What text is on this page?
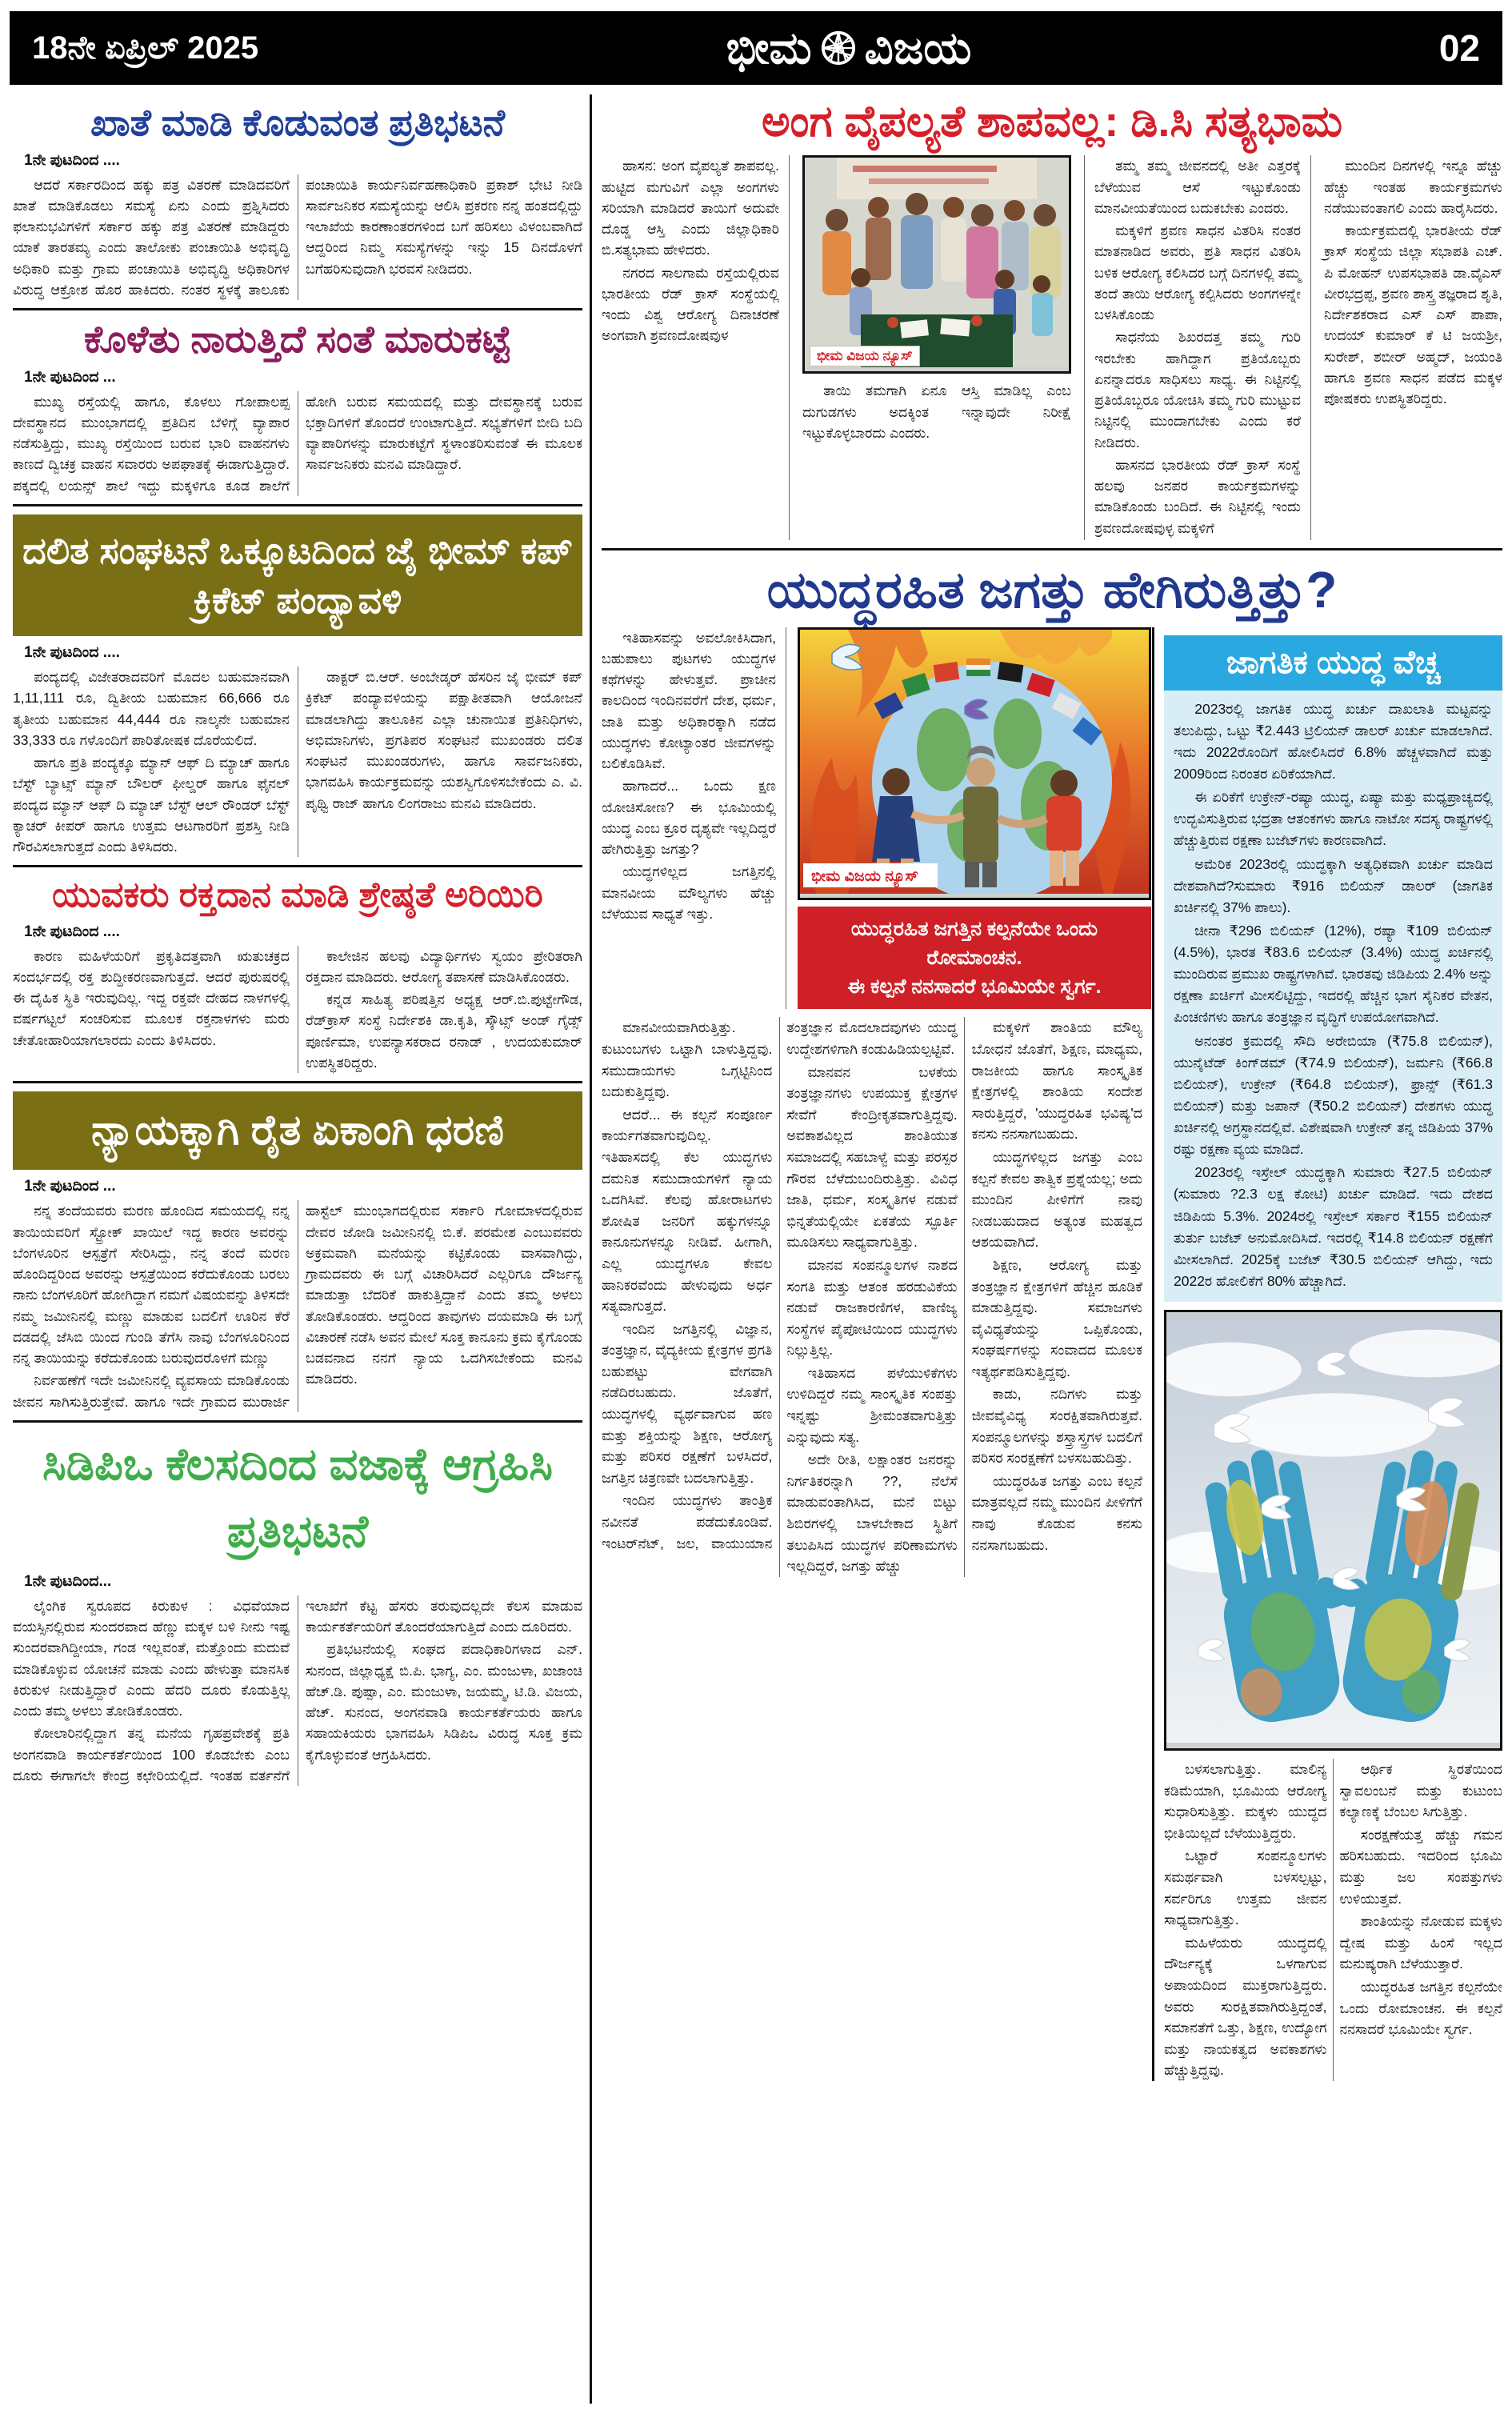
18ನೇ ಏಪ್ರಿಲ್ 2025	ಭೀಮ ವಿಜಯ	02
ಖಾತೆ ಮಾಡಿ ಕೊಡುವಂತ ಪ್ರತಿಭಟನೆ
1ನೇ ಪುಟದಿಂದ ....

ಆದರೆ ಸರ್ಕಾರದಿಂದ ಹಕ್ಕು ಪತ್ರ ವಿತರಣೆ ಮಾಡಿದವರಿಗೆ ಖಾತೆ ಮಾಡಿಕೊಡಲು ಸಮಸ್ಯೆ ಏನು ಎಂದು ಪ್ರಶ್ನಿಸಿದರು ಫಲಾನುಭವಿಗಳಿಗೆ ಸರ್ಕಾರ ಹಕ್ಕು ಪತ್ರ ವಿತರಣೆ ಮಾಡಿದ್ದರು ಯಾಕೆ ತಾರತಮ್ಯ ಎಂದು ತಾಲೋಕು ಪಂಚಾಯಿತಿ ಅಭಿವೃದ್ಧಿ ಅಧಿಕಾರಿ ಮತ್ತು ಗ್ರಾಮ ಪಂಚಾಯಿತಿ ಅಭಿವೃದ್ಧಿ ಅಧಿಕಾರಿಗಳ ವಿರುದ್ಧ ಆಕ್ರೋಶ ಹೊರ ಹಾಕಿದರು. ನಂತರ ಸ್ಥಳಕ್ಕೆ ತಾಲೂಕು ಪಂಚಾಯಿತಿ ಕಾರ್ಯನಿರ್ವಹಣಾಧಿಕಾರಿ ಪ್ರಕಾಶ್ ಭೇಟಿ ನೀಡಿ ಸಾರ್ವಜನಿಕರ ಸಮಸ್ಯೆಯನ್ನು ಆಲಿಸಿ ಪ್ರಕರಣ ನನ್ನ ಹಂತದಲ್ಲಿದ್ದು ಇಲಾಖೆಯ ಕಾರಣಾಂತರಗಳಿಂದ ಬಗೆ ಹರಿಸಲು ವಿಳಂಬವಾಗಿದೆ ಆದ್ದರಿಂದ ನಿಮ್ಮ ಸಮಸ್ಯೆಗಳನ್ನು ಇನ್ನು 15 ದಿನದೊಳಗೆ ಬಗೆಹರಿಸುವುದಾಗಿ ಭರವಸೆ ನೀಡಿದರು.

ಕೊಳೆತು ನಾರುತ್ತಿದೆ ಸಂತೆ ಮಾರುಕಟ್ಟೆ
1ನೇ ಪುಟದಿಂದ ...

ಮುಖ್ಯ ರಸ್ತೆಯಲ್ಲಿ ಹಾಗೂ, ಕೊಳಲು ಗೋಪಾಲಪ್ಪ ದೇವಸ್ಥಾನದ ಮುಂಭಾಗದಲ್ಲಿ ಪ್ರತಿದಿನ ಬೆಳಿಗ್ಗೆ ವ್ಯಾಪಾರ ನಡೆಸುತ್ತಿದ್ದು, ಮುಖ್ಯ ರಸ್ತೆಯಿಂದ ಬರುವ ಭಾರಿ ವಾಹನಗಳು ಕಾಣದೆ ದ್ವಿಚಕ್ರ ವಾಹನ ಸವಾರರು ಅಪಘಾತಕ್ಕೆ ಈಡಾಗುತ್ತಿದ್ದಾರೆ. ಪಕ್ಕದಲ್ಲಿ ಲಯನ್ಸ್ ಶಾಲೆ ಇದ್ದು ಮಕ್ಕಳಿಗೂ ಕೂಡ ಶಾಲೆಗೆ ಹೋಗಿ ಬರುವ ಸಮಯದಲ್ಲಿ ಮತ್ತು ದೇವಸ್ಥಾನಕ್ಕೆ ಬರುವ ಭಕ್ತಾದಿಗಳಿಗೆ ತೊಂದರೆ ಉಂಟಾಗುತ್ತಿದೆ. ಸಭ್ಯತೆಗಳಿಗೆ ಬೀದಿ ಬದಿ ವ್ಯಾಪಾರಿಗಳನ್ನು ಮಾರುಕಟ್ಟೆಗೆ ಸ್ಥಳಾಂತರಿಸುವಂತೆ ಈ ಮೂಲಕ ಸಾರ್ವಜನಿಕರು ಮನವಿ ಮಾಡಿದ್ದಾರೆ.

ದಲಿತ ಸಂಘಟನೆ ಒಕ್ಕೂಟದಿಂದ ಜೈ ಭೀಮ್ ಕಪ್ ಕ್ರಿಕೆಟ್ ಪಂದ್ಯಾವಳಿ
1ನೇ ಪುಟದಿಂದ ....

ಪಂದ್ಯದಲ್ಲಿ ವಿಜೇತರಾದವರಿಗೆ ಮೊದಲ ಬಹುಮಾನವಾಗಿ 1,11,111 ರೂ, ದ್ವಿತೀಯ ಬಹುಮಾನ 66,666 ರೂ ತೃತೀಯ ಬಹುಮಾನ 44,444 ರೂ ನಾಲ್ಕನೇ ಬಹುಮಾನ 33,333 ರೂ ಗಳೊಂದಿಗೆ ಪಾರಿತೋಷಕ ದೊರೆಯಲಿದೆ.

ಹಾಗೂ ಪ್ರತಿ ಪಂದ್ಯಕ್ಕೂ ಮ್ಯಾನ್ ಆಫ್ ದಿ ಮ್ಯಾಚ್ ಹಾಗೂ ಬೆಸ್ಟ್ ಬ್ಯಾಟ್ಸ್ ಮ್ಯಾನ್ ಬೌಲರ್ ಫೀಲ್ಡರ್ ಹಾಗೂ ಫೈನಲ್ ಪಂದ್ಯದ ಮ್ಯಾನ್ ಆಫ್ ದಿ ಮ್ಯಾಚ್ ಬೆಸ್ಟ್ ಆಲ್ ರೌಂಡರ್ ಬೆಸ್ಟ್ ಕ್ಯಾಚರ್ ಕೀಪರ್ ಹಾಗೂ ಉತ್ತಮ ಆಟಗಾರರಿಗೆ ಪ್ರಶಸ್ತಿ ನೀಡಿ ಗೌರವಿಸಲಾಗುತ್ತದೆ ಎಂದು ತಿಳಿಸಿದರು.

ಡಾಕ್ಟರ್ ಬಿ.ಆರ್. ಅಂಬೇಡ್ಕರ್ ಹೆಸರಿನ ಜೈ ಭೀಮ್ ಕಪ್ ಕ್ರಿಕೆಟ್ ಪಂದ್ಯಾವಳಿಯನ್ನು ಪಕ್ಷಾತೀತವಾಗಿ ಆಯೋಜನೆ ಮಾಡಲಾಗಿದ್ದು ತಾಲೂಕಿನ ಎಲ್ಲಾ ಚುನಾಯಿತ ಪ್ರತಿನಿಧಿಗಳು, ಅಭಿಮಾನಿಗಳು, ಪ್ರಗತಿಪರ ಸಂಘಟನೆ ಮುಖಂಡರು ದಲಿತ ಸಂಘಟನೆ ಮುಖಂಡರುಗಳು, ಹಾಗೂ ಸಾರ್ವಜನಿಕರು, ಭಾಗವಹಿಸಿ ಕಾರ್ಯಕ್ರಮವನ್ನು ಯಶಸ್ವಿಗೊಳಿಸಬೇಕೆಂದು ಎ. ವಿ. ಪೃಥ್ವಿ ರಾಜ್ ಹಾಗೂ ಲಿಂಗರಾಜು ಮನವಿ ಮಾಡಿದರು.

ಯುವಕರು ರಕ್ತದಾನ ಮಾಡಿ ಶ್ರೇಷ್ಠತೆ ಅರಿಯಿರಿ
1ನೇ ಪುಟದಿಂದ ....

ಕಾರಣ ಮಹಿಳೆಯರಿಗೆ ಪ್ರಕೃತಿದತ್ತವಾಗಿ ಋತುಚಕ್ರದ ಸಂದರ್ಭದಲ್ಲಿ ರಕ್ತ ಶುದ್ದೀಕರಣವಾಗುತ್ತದೆ. ಆದರೆ ಪುರುಷರಲ್ಲಿ ಈ ದೈಹಿಕ ಸ್ಥಿತಿ ಇರುವುದಿಲ್ಲ. ಇದ್ದ ರಕ್ತವೇ ದೇಹದ ನಾಳಗಳಲ್ಲಿ ವರ್ಷಗಟ್ಟಲೆ ಸಂಚರಿಸುವ ಮೂಲಕ ರಕ್ತನಾಳಗಳು ಮರು ಚೇತೋಹಾರಿಯಾಗಲಾರದು ಎಂದು ತಿಳಿಸಿದರು.

ಕಾಲೇಜಿನ ಹಲವು ವಿದ್ಯಾರ್ಥಿಗಳು ಸ್ವಯಂ ಪ್ರೇರಿತರಾಗಿ ರಕ್ತದಾನ ಮಾಡಿದರು. ಆರೋಗ್ಯ ತಪಾಸಣೆ ಮಾಡಿಸಿಕೊಂಡರು.

ಕನ್ನಡ ಸಾಹಿತ್ಯ ಪರಿಷತ್ತಿನ ಅಧ್ಯಕ್ಷ ಆರ್.ಬಿ.ಪುಟ್ಟೇಗೌಡ, ರೆಡ್‌ಕ್ರಾಸ್ ಸಂಸ್ಥೆ ನಿರ್ದೇಶಕಿ ಡಾ.ಕೃತಿ, ಸ್ಕೌಟ್ಸ್ ಅಂಡ್ ಗೈಡ್ಸ್ ಪೂರ್ಣಿಮಾ, ಉಪನ್ಯಾಸಕರಾದ ರನಾಡ್ , ಉದಯಕುಮಾರ್ ಉಪಸ್ಥಿತರಿದ್ದರು.

ನ್ಯಾಯಕ್ಕಾಗಿ ರೈತ ಏಕಾಂಗಿ ಧರಣಿ
1ನೇ ಪುಟದಿಂದ ...

ನನ್ನ ತಂದೆಯವರು ಮರಣ ಹೊಂದಿದ ಸಮಯದಲ್ಲಿ ನನ್ನ ತಾಯಿಯವರಿಗೆ ಸ್ಟ್ರೋಕ್ ಖಾಯಿಲೆ ಇದ್ದ ಕಾರಣ ಅವರನ್ನು ಬೆಂಗಳೂರಿನ ಆಸ್ಪತ್ರೆಗೆ ಸೇರಿಸಿದ್ದು, ನನ್ನ ತಂದೆ ಮರಣ ಹೊಂದಿದ್ದರಿಂದ ಅವರನ್ನು ಆಸ್ಪತ್ರೆಯಿಂದ ಕರೆದುಕೊಂಡು ಬರಲು ನಾನು ಬೆಂಗಳೂರಿಗೆ ಹೋಗಿದ್ದಾಗ ನಮಗೆ ವಿಷಯವನ್ನು ತಿಳಿಸದೇ ನಮ್ಮ ಜಮೀನಿನಲ್ಲಿ ಮಣ್ಣು ಮಾಡುವ ಬದಲಿಗೆ ಊರಿನ ಕೆರೆ ದಡದಲ್ಲಿ ಜೆಸಿಬಿ ಯಿಂದ ಗುಂಡಿ ತೆಗೆಸಿ ನಾವು ಬೆಂಗಳೂರಿನಿಂದ ನನ್ನ ತಾಯಿಯನ್ನು ಕರೆದುಕೊಂಡು ಬರುವುದರೊಳಗೆ ಮಣ್ಣು

ನಿರ್ವಹಣೆಗೆ ಇದೇ ಜಮೀನಿನಲ್ಲಿ ವ್ಯವಸಾಯ ಮಾಡಿಕೊಂಡು ಜೀವನ ಸಾಗಿಸುತ್ತಿರುತ್ತೇವೆ. ಹಾಗೂ ಇದೇ ಗ್ರಾಮದ ಮುರಾರ್ಜಿ ಹಾಸ್ಟೆಲ್ ಮುಂಭಾಗದಲ್ಲಿರುವ ಸರ್ಕಾರಿ ಗೋಮಾಳದಲ್ಲಿರುವ ದೇವರ ಜೋಡಿ ಜಮೀನಿನಲ್ಲಿ ಬಿ.ಕೆ. ಪರಮೇಶ ಎಂಬುವವರು ಅಕ್ರಮವಾಗಿ ಮನೆಯನ್ನು ಕಟ್ಟಿಕೊಂಡು ವಾಸವಾಗಿದ್ದು, ಗ್ರಾಮದವರು ಈ ಬಗ್ಗೆ ವಿಚಾರಿಸಿದರೆ ಎಲ್ಲರಿಗೂ ದೌರ್ಜನ್ಯ ಮಾಡುತ್ತಾ ಬೆದರಿಕೆ ಹಾಕುತ್ತಿದ್ದಾನೆ ಎಂದು ತಮ್ಮ ಅಳಲು ತೋಡಿಕೊಂಡರು. ಆದ್ದರಿಂದ ತಾವುಗಳು ದಯಮಾಡಿ ಈ ಬಗ್ಗೆ ವಿಚಾರಣೆ ನಡೆಸಿ ಅವನ ಮೇಲೆ ಸೂಕ್ತ ಕಾನೂನು ಕ್ರಮ ಕೈಗೊಂಡು ಬಡವನಾದ ನನಗೆ ನ್ಯಾಯ ಒದಗಿಸಬೇಕೆಂದು ಮನವಿ ಮಾಡಿದರು.

ಸಿಡಿಪಿಒ ಕೆಲಸದಿಂದ ವಜಾಕ್ಕೆ ಆಗ್ರಹಿಸಿ ಪ್ರತಿಭಟನೆ
1ನೇ ಪುಟದಿಂದ...

ಲೈಂಗಿಕ ಸ್ವರೂಪದ ಕಿರುಕುಳ : ವಿಧವೆಯಾದ ವಯಸ್ಸಿನಲ್ಲಿರುವ ಸುಂದರವಾದ ಹೆಣ್ಣು ಮಕ್ಕಳ ಬಳಿ ನೀನು ಇಷ್ಟ ಸುಂದರವಾಗಿದ್ದೀಯಾ, ಗಂಡ ಇಲ್ಲವಂತೆ, ಮತ್ತೊಂದು ಮದುವೆ ಮಾಡಿಕೊಳ್ಳುವ ಯೋಚನೆ ಮಾಡು ಎಂದು ಹೇಳುತ್ತಾ ಮಾನಸಿಕ ಕಿರುಕುಳ ನೀಡುತ್ತಿದ್ದಾರೆ ಎಂದು ಹೆದರಿ ದೂರು ಕೊಡುತ್ತಿಲ್ಲ ಎಂದು ತಮ್ಮ ಅಳಲು ತೋಡಿಕೊಂಡರು.

ಕೋಲಾರಿನಲ್ಲಿದ್ದಾಗ ತನ್ನ ಮನೆಯ ಗೃಹಪ್ರವೇಶಕ್ಕೆ ಪ್ರತಿ ಅಂಗನವಾಡಿ ಕಾರ್ಯಕರ್ತೆಯಿಂದ 100 ಕೊಡಬೇಕು ಎಂಬ ದೂರು ಈಗಾಗಲೇ ಕೇಂದ್ರ ಕಛೇರಿಯಲ್ಲಿದೆ. ಇಂತಹ ವರ್ತನೆಗೆ ಇಲಾಖೆಗೆ ಕೆಟ್ಟ ಹೆಸರು ತರುವುದಲ್ಲದೇ ಕೆಲಸ ಮಾಡುವ ಕಾರ್ಯಕರ್ತೆಯರಿಗೆ ತೊಂದರೆಯಾಗುತ್ತಿದೆ ಎಂದು ದೂರಿದರು.

ಪ್ರತಿಭಟನೆಯಲ್ಲಿ ಸಂಘದ ಪದಾಧಿಕಾರಿಗಳಾದ ಎನ್. ಸುನಂದ, ಜಿಲ್ಲಾಧ್ಯಕ್ಷೆ ಬಿ.ಪಿ. ಭಾಗ್ಯ, ಎಂ. ಮಂಜುಳಾ, ಖಜಾಂಚಿ ಹೆಚ್.ಡಿ. ಪುಷ್ಪಾ, ಎಂ. ಮಂಜುಳಾ, ಜಯಮ್ಮ, ಟಿ.ಡಿ. ವಿಜಯ, ಹೆಚ್. ಸುನಂದ, ಅಂಗನವಾಡಿ ಕಾರ್ಯಕರ್ತೆಯರು ಹಾಗೂ ಸಹಾಯಕಿಯರು ಭಾಗವಹಿಸಿ ಸಿಡಿಪಿಒ ವಿರುದ್ಧ ಸೂಕ್ತ ಕ್ರಮ ಕೈಗೊಳ್ಳುವಂತೆ ಆಗ್ರಹಿಸಿದರು.

ಅಂಗ ವೈಪಲ್ಯತೆ ಶಾಪವಲ್ಲ: ಡಿ.ಸಿ ಸತ್ಯಭಾಮ

ಹಾಸನ: ಅಂಗ ವೈಪಲ್ಯತೆ ಶಾಪವಲ್ಲ. ಹುಟ್ಟಿದ ಮಗುವಿಗೆ ಎಲ್ಲಾ ಅಂಗಗಳು ಸರಿಯಾಗಿ ಮಾಡಿದರೆ ತಾಯಿಗೆ ಅದುವೇ ದೊಡ್ಡ ಆಸ್ತಿ ಎಂದು ಜಿಲ್ಲಾಧಿಕಾರಿ ಬಿ.ಸತ್ಯಭಾಮ ಹೇಳಿದರು.

ನಗರದ ಸಾಲಗಾಮೆ ರಸ್ತೆಯಲ್ಲಿರುವ ಭಾರತೀಯ ರೆಡ್ ಕ್ರಾಸ್ ಸಂಸ್ಥೆಯಲ್ಲಿ ಇಂದು ವಿಶ್ವ ಆರೋಗ್ಯ ದಿನಾಚರಣೆ ಅಂಗವಾಗಿ ಶ್ರವಣದೋಷವುಳ

ಭೀಮ ವಿಜಯ ನ್ಯೂಸ್

ತಾಯಿ ತಮಗಾಗಿ ಏನೂ ಆಸ್ತಿ ಮಾಡಿಲ್ಲ ಎಂಬ ದುಗುಡಗಳು ಅದಕ್ಕಿಂತ ಇನ್ನಾವುದೇ ನಿರೀಕ್ಷೆ ಇಟ್ಟುಕೊಳ್ಳಬಾರದು ಎಂದರು.

ತಮ್ಮ ತಮ್ಮ ಜೀವನದಲ್ಲಿ ಅತೀ ಎತ್ತರಕ್ಕೆ ಬೆಳೆಯುವ ಆಸೆ ಇಟ್ಟುಕೊಂಡು ಮಾನವೀಯತೆಯಿಂದ ಬದುಕಬೇಕು ಎಂದರು.

ಮಕ್ಕಳಿಗೆ ಶ್ರವಣ ಸಾಧನ ವಿತರಿಸಿ ನಂತರ ಮಾತನಾಡಿದ ಅವರು, ಪ್ರತಿ ಸಾಧನ ವಿತರಿಸಿ ಬಳಿಕ ಆರೋಗ್ಯ ಕಲಿಸಿದರ ಬಗ್ಗೆ ದಿನಗಳಲ್ಲಿ ತಮ್ಮ ತಂದೆ ತಾಯಿ ಆರೋಗ್ಯ ಕಲ್ಪಿಸಿದರು ಅಂಗಗಳನ್ನೇ ಬಳಸಿಕೊಂಡು

ಸಾಧನೆಯ ಶಿಖರದತ್ತ ತಮ್ಮ ಗುರಿ ಇರಬೇಕು ಹಾಗಿದ್ದಾಗ ಪ್ರತಿಯೊಬ್ಬರು ಏನನ್ನಾದರೂ ಸಾಧಿಸಲು ಸಾಧ್ಯ. ಈ ನಿಟ್ಟಿನಲ್ಲಿ ಪ್ರತಿಯೊಬ್ಬರೂ ಯೋಚಿಸಿ ತಮ್ಮ ಗುರಿ ಮುಟ್ಟುವ ನಿಟ್ಟಿನಲ್ಲಿ ಮುಂದಾಗಬೇಕು ಎಂದು ಕರೆ ನೀಡಿದರು.

ಹಾಸನದ ಭಾರತೀಯ ರೆಡ್ ಕ್ರಾಸ್ ಸಂಸ್ಥೆ ಹಲವು ಜನಪರ ಕಾರ್ಯಕ್ರಮಗಳನ್ನು ಮಾಡಿಕೊಂಡು ಬಂದಿದೆ. ಈ ನಿಟ್ಟಿನಲ್ಲಿ ಇಂದು ಶ್ರವಣದೋಷವುಳ್ಳ ಮಕ್ಕಳಿಗೆ

ಮುಂದಿನ ದಿನಗಳಲ್ಲಿ ಇನ್ನೂ ಹೆಚ್ಚು ಹೆಚ್ಚು ಇಂತಹ ಕಾರ್ಯಕ್ರಮಗಳು ನಡೆಯುವಂತಾಗಲಿ ಎಂದು ಹಾರೈಸಿದರು.

ಕಾರ್ಯಕ್ರಮದಲ್ಲಿ ಭಾರತೀಯ ರೆಡ್ ಕ್ರಾಸ್ ಸಂಸ್ಥೆಯ ಜಿಲ್ಲಾ ಸಭಾಪತಿ ಎಚ್. ಪಿ ಮೋಹನ್ ಉಪಸಭಾಪತಿ ಡಾ.ವೈಎಸ್ ವೀರಭದ್ರಪ್ಪ, ಶ್ರವಣ ಶಾಸ್ತ್ರ ತಜ್ಞರಾದ ಶೃತಿ, ನಿರ್ದೇಶಕರಾದ ಎಸ್ ಎಸ್ ಪಾಪಾ, ಉದಯ್ ಕುಮಾರ್ ಕೆ ಟಿ ಜಯಶ್ರೀ, ಸುರೇಶ್, ಶಬೀರ್ ಅಹ್ಮದ್, ಜಯಂತಿ ಹಾಗೂ ಶ್ರವಣ ಸಾಧನ ಪಡೆದ ಮಕ್ಕಳ ಪೋಷಕರು ಉಪಸ್ಥಿತರಿದ್ದರು.

ಯುದ್ಧರಹಿತ ಜಗತ್ತು ಹೇಗಿರುತ್ತಿತ್ತು?

ಇತಿಹಾಸವನ್ನು ಅವಲೋಕಿಸಿದಾಗ, ಬಹುಪಾಲು ಪುಟಗಳು ಯುದ್ಧಗಳ ಕಥೆಗಳನ್ನು ಹೇಳುತ್ತವೆ. ಪ್ರಾಚೀನ ಕಾಲದಿಂದ ಇಂದಿನವರೆಗೆ ದೇಶ, ಧರ್ಮ, ಜಾತಿ ಮತ್ತು ಅಧಿಕಾರಕ್ಕಾಗಿ ನಡೆದ ಯುದ್ಧಗಳು ಕೋಟ್ಯಾಂತರ ಜೀವಗಳನ್ನು ಬಲಿಕೊಡಿಸಿವೆ.

ಹಾಗಾದರೆ... ಒಂದು ಕ್ಷಣ ಯೋಚಿಸೋಣ? ಈ ಭೂಮಿಯಲ್ಲಿ ಯುದ್ಧ ಎಂಬ ಕ್ರೂರ ದೃಶ್ಯವೇ ಇಲ್ಲದಿದ್ದರೆ ಹೇಗಿರುತ್ತಿತ್ತು ಜಗತ್ತು?

ಯುದ್ಧಗಳಿಲ್ಲದ ಜಗತ್ತಿನಲ್ಲಿ ಮಾನವೀಯ ಮೌಲ್ಯಗಳು ಹೆಚ್ಚು ಬೆಳೆಯುವ ಸಾಧ್ಯತೆ ಇತ್ತು.

ಭೀಮ ವಿಜಯ ನ್ಯೂಸ್
ಯುದ್ಧರಹಿತ ಜಗತ್ತಿನ ಕಲ್ಪನೆಯೇ ಒಂದು ರೋಮಾಂಚನ.
ಈ ಕಲ್ಪನೆ ನನಸಾದರೆ ಭೂಮಿಯೇ ಸ್ವರ್ಗ.

ಮಾನವೀಯವಾಗಿರುತ್ತಿತ್ತು. ಕುಟುಂಬಗಳು ಒಟ್ಟಾಗಿ ಬಾಳುತ್ತಿದ್ದವು. ಸಮುದಾಯಗಳು ಒಗ್ಗಟ್ಟಿನಿಂದ ಬದುಕುತ್ತಿದ್ದವು.

ಆದರೆ... ಈ ಕಲ್ಪನೆ ಸಂಪೂರ್ಣ ಕಾರ್ಯಗತವಾಗುವುದಿಲ್ಲ. ಇತಿಹಾಸದಲ್ಲಿ ಕೆಲ ಯುದ್ಧಗಳು ದಮನಿತ ಸಮುದಾಯಗಳಿಗೆ ನ್ಯಾಯ ಒದಗಿಸಿವೆ. ಕೆಲವು ಹೋರಾಟಗಳು ಶೋಷಿತ ಜನರಿಗೆ ಹಕ್ಕುಗಳನ್ನೂ ಕಾನೂನುಗಳನ್ನೂ ನೀಡಿವೆ. ಹೀಗಾಗಿ, ಎಲ್ಲ ಯುದ್ಧಗಳೂ ಕೇವಲ ಹಾನಿಕರವೆಂದು ಹೇಳುವುದು ಅರ್ಧ ಸತ್ಯವಾಗುತ್ತದೆ.

ಇಂದಿನ ಜಗತ್ತಿನಲ್ಲಿ ವಿಜ್ಞಾನ, ತಂತ್ರಜ್ಞಾನ, ವೈದ್ಯಕೀಯ ಕ್ಷೇತ್ರಗಳ ಪ್ರಗತಿ ಬಹುಪಟ್ಟು ವೇಗವಾಗಿ ನಡೆದಿರಬಹುದು. ಜೊತೆಗೆ, ಯುದ್ಧಗಳಲ್ಲಿ ವ್ಯರ್ಥವಾಗುವ ಹಣ ಮತ್ತು ಶಕ್ತಿಯನ್ನು ಶಿಕ್ಷಣ, ಆರೋಗ್ಯ ಮತ್ತು ಪರಿಸರ ರಕ್ಷಣೆಗೆ ಬಳಸಿದರೆ, ಜಗತ್ತಿನ ಚಿತ್ರಣವೇ ಬದಲಾಗುತ್ತಿತ್ತು.

ಇಂದಿನ ಯುದ್ಧಗಳು ತಾಂತ್ರಿಕ ನವೀನತೆ ಪಡೆದುಕೊಂಡಿವೆ. ಇಂಟರ್‌ನೆಟ್, ಜಲ, ವಾಯುಯಾನ ತಂತ್ರಜ್ಞಾನ ಮೊದಲಾದವುಗಳು ಯುದ್ಧ ಉದ್ದೇಶಗಳಿಗಾಗಿ ಕಂಡುಹಿಡಿಯಲ್ಪಟ್ಟಿವೆ.

ಮಾನವನ ಬಳಕೆಯ ತಂತ್ರಜ್ಞಾನಗಳು ಉಪಯುಕ್ತ ಕ್ಷೇತ್ರಗಳ ಸೇವೆಗೆ ಕೇಂದ್ರೀಕೃತವಾಗುತ್ತಿದ್ದವು. ಅವಕಾಶವಿಲ್ಲದ ಶಾಂತಿಯುತ ಸಮಾಜದಲ್ಲಿ ಸಹಬಾಳ್ವೆ ಮತ್ತು ಪರಸ್ಪರ ಗೌರವ ಬೆಳೆದುಬಂದಿರುತ್ತಿತ್ತು. ವಿವಿಧ ಜಾತಿ, ಧರ್ಮ, ಸಂಸ್ಕೃತಿಗಳ ನಡುವೆ ಭಿನ್ನತೆಯಲ್ಲಿಯೇ ಏಕತೆಯ ಸ್ಫೂರ್ತಿ ಮೂಡಿಸಲು ಸಾಧ್ಯವಾಗುತ್ತಿತ್ತು.

ಮಾನವ ಸಂಪನ್ಮೂಲಗಳ ನಾಶದ ಸಂಗತಿ ಮತ್ತು ಆತಂಕ ಹರಡುವಿಕೆಯ ನಡುವೆ ರಾಜಕಾರಣಿಗಳ, ವಾಣಿಜ್ಯ ಸಂಸ್ಥೆಗಳ ಪೈಪೋಟಿಯಿಂದ ಯುದ್ಧಗಳು ನಿಲ್ಲುತ್ತಿಲ್ಲ.

ಇತಿಹಾಸದ ಪಳೆಯುಳಿಕೆಗಳು ಉಳಿದಿದ್ದರೆ ನಮ್ಮ ಸಾಂಸ್ಕೃತಿಕ ಸಂಪತ್ತು ಇನ್ನಷ್ಟು ಶ್ರೀಮಂತವಾಗುತ್ತಿತ್ತು ಎನ್ನುವುದು ಸತ್ಯ.

ಅದೇ ರೀತಿ, ಲಕ್ಷಾಂತರ ಜನರನ್ನು ನಿರ್ಗತಿಕರನ್ನಾಗಿ ??, ನೆಲೆಸೆ ಮಾಡುವಂತಾಗಿಸಿದ, ಮನೆ ಬಿಟ್ಟು ಶಿಬಿರಗಳಲ್ಲಿ ಬಾಳಬೇಕಾದ ಸ್ಥಿತಿಗೆ ತಲುಪಿಸಿದ ಯುದ್ಧಗಳ ಪರಿಣಾಮಗಳು ಇಲ್ಲದಿದ್ದರೆ, ಜಗತ್ತು ಹೆಚ್ಚು

ಮಕ್ಕಳಿಗೆ ಶಾಂತಿಯ ಮೌಲ್ಯ ಬೋಧನೆ ಜೊತೆಗೆ, ಶಿಕ್ಷಣ, ಮಾಧ್ಯಮ, ರಾಜಕೀಯ ಹಾಗೂ ಸಾಂಸ್ಕೃತಿಕ ಕ್ಷೇತ್ರಗಳಲ್ಲಿ ಶಾಂತಿಯ ಸಂದೇಶ ಸಾರುತ್ತಿದ್ದರೆ, 'ಯುದ್ಧರಹಿತ ಭವಿಷ್ಯ'ದ ಕನಸು ನನಸಾಗಬಹುದು.

ಯುದ್ಧಗಳಿಲ್ಲದ ಜಗತ್ತು ಎಂಬ ಕಲ್ಪನೆ ಕೇವಲ ತಾತ್ವಿಕ ಪ್ರಶ್ನೆಯಲ್ಲ; ಅದು ಮುಂದಿನ ಪೀಳಿಗೆಗೆ ನಾವು ನೀಡಬಹುದಾದ ಅತ್ಯಂತ ಮಹತ್ವದ ಆಶಯವಾಗಿದೆ.

ಶಿಕ್ಷಣ, ಆರೋಗ್ಯ ಮತ್ತು ತಂತ್ರಜ್ಞಾನ ಕ್ಷೇತ್ರಗಳಿಗೆ ಹೆಚ್ಚಿನ ಹೂಡಿಕೆ ಮಾಡುತ್ತಿದ್ದವು. ಸಮಾಜಗಳು ವೈವಿಧ್ಯತೆಯನ್ನು ಒಪ್ಪಿಕೊಂಡು, ಸಂಘರ್ಷಗಳನ್ನು ಸಂವಾದದ ಮೂಲಕ ಇತ್ಯರ್ಥಪಡಿಸುತ್ತಿದ್ದವು.

ಕಾಡು, ನದಿಗಳು ಮತ್ತು ಜೀವವೈವಿಧ್ಯ ಸಂರಕ್ಷಿತವಾಗಿರುತ್ತವೆ. ಸಂಪನ್ಮೂಲಗಳನ್ನು ಶಸ್ತ್ರಾಸ್ತ್ರಗಳ ಬದಲಿಗೆ ಪರಿಸರ ಸಂರಕ್ಷಣೆಗೆ ಬಳಸಬಹುದಿತ್ತು.

ಯುದ್ಧರಹಿತ ಜಗತ್ತು ಎಂಬ ಕಲ್ಪನೆ ಮಾತ್ರವಲ್ಲದೆ ನಮ್ಮ ಮುಂದಿನ ಪೀಳಿಗೆಗೆ ನಾವು ಕೊಡುವ ಕನಸು ನನಸಾಗಬಹುದು.

ಜಾಗತಿಕ ಯುದ್ಧ ವೆಚ್ಚ

2023ರಲ್ಲಿ ಜಾಗತಿಕ ಯುದ್ಧ ಖರ್ಚು ದಾಖಲಾತಿ ಮಟ್ಟವನ್ನು ತಲುಪಿದ್ದು, ಒಟ್ಟು ₹2.443 ಟ್ರಿಲಿಯನ್ ಡಾಲರ್ ಖರ್ಚು ಮಾಡಲಾಗಿದೆ. ಇದು 2022ರೊಂದಿಗೆ ಹೋಲಿಸಿದರೆ 6.8% ಹೆಚ್ಚಳವಾಗಿದೆ ಮತ್ತು 2009ರಿಂದ ನಿರಂತರ ಏರಿಕೆಯಾಗಿದೆ.

ಈ ಏರಿಕೆಗೆ ಉಕ್ರೇನ್-ರಷ್ಯಾ ಯುದ್ಧ, ಏಷ್ಯಾ ಮತ್ತು ಮಧ್ಯಪ್ರಾಚ್ಯದಲ್ಲಿ ಉದ್ಭವಿಸುತ್ತಿರುವ ಭದ್ರತಾ ಆತಂಕಗಳು ಹಾಗೂ ನಾಟೋ ಸದಸ್ಯ ರಾಷ್ಟ್ರಗಳಲ್ಲಿ ಹೆಚ್ಚುತ್ತಿರುವ ರಕ್ಷಣಾ ಬಜೆಟ್‌ಗಳು ಕಾರಣವಾಗಿದೆ.

ಅಮೆರಿಕ 2023ರಲ್ಲಿ ಯುದ್ಧಕ್ಕಾಗಿ ಅತ್ಯಧಿಕವಾಗಿ ಖರ್ಚು ಮಾಡಿದ ದೇಶವಾಗಿದೆ?ಸುಮಾರು ₹916 ಬಿಲಿಯನ್ ಡಾಲರ್ (ಜಾಗತಿಕ ಖರ್ಚಿನಲ್ಲಿ 37% ಪಾಲು).

ಚೀನಾ ₹296 ಬಿಲಿಯನ್ (12%), ರಷ್ಯಾ ₹109 ಬಿಲಿಯನ್ (4.5%), ಭಾರತ ₹83.6 ಬಿಲಿಯನ್ (3.4%) ಯುದ್ಧ ಖರ್ಚಿನಲ್ಲಿ ಮುಂದಿರುವ ಪ್ರಮುಖ ರಾಷ್ಟ್ರಗಳಾಗಿವೆ. ಭಾರತವು ಜಿಡಿಪಿಯ 2.4% ಅನ್ನು ರಕ್ಷಣಾ ಖರ್ಚಿಗೆ ಮೀಸಲಿಟ್ಟಿದ್ದು, ಇದರಲ್ಲಿ ಹೆಚ್ಚಿನ ಭಾಗ ಸೈನಿಕರ ವೇತನ, ಪಿಂಚಣಿಗಳು ಹಾಗೂ ತಂತ್ರಜ್ಞಾನ ವೃದ್ಧಿಗೆ ಉಪಯೋಗವಾಗಿದೆ.

ಅನಂತರ ಕ್ರಮದಲ್ಲಿ ಸೌದಿ ಅರೇಬಿಯಾ (₹75.8 ಬಿಲಿಯನ್), ಯುನೈಟೆಡ್ ಕಿಂಗ್‌ಡಮ್ (₹74.9 ಬಿಲಿಯನ್), ಜರ್ಮನಿ (₹66.8 ಬಿಲಿಯನ್), ಉಕ್ರೇನ್ (₹64.8 ಬಿಲಿಯನ್), ಫ್ರಾನ್ಸ್ (₹61.3 ಬಿಲಿಯನ್) ಮತ್ತು ಜಪಾನ್ (₹50.2 ಬಿಲಿಯನ್) ದೇಶಗಳು ಯುದ್ಧ ಖರ್ಚಿನಲ್ಲಿ ಅಗ್ರಸ್ಥಾನದಲ್ಲಿವೆ. ವಿಶೇಷವಾಗಿ ಉಕ್ರೇನ್ ತನ್ನ ಜಿಡಿಪಿಯ 37% ರಷ್ಟು ರಕ್ಷಣಾ ವ್ಯಯ ಮಾಡಿದೆ.

2023ರಲ್ಲಿ ಇಸ್ರೇಲ್ ಯುದ್ಧಕ್ಕಾಗಿ ಸುಮಾರು ₹27.5 ಬಿಲಿಯನ್ (ಸುಮಾರು ?2.3 ಲಕ್ಷ ಕೋಟಿ) ಖರ್ಚು ಮಾಡಿದೆ. ಇದು ದೇಶದ ಜಿಡಿಪಿಯ 5.3%. 2024ರಲ್ಲಿ ಇಸ್ರೇಲ್ ಸರ್ಕಾರ ₹155 ಬಿಲಿಯನ್ ತುರ್ತು ಬಜೆಟ್ ಅನುಮೋದಿಸಿದೆ. ಇದರಲ್ಲಿ ₹14.8 ಬಿಲಿಯನ್ ರಕ್ಷಣೆಗೆ ಮೀಸಲಾಗಿದೆ. 2025ಕ್ಕೆ ಬಜೆಟ್ ₹30.5 ಬಿಲಿಯನ್ ಆಗಿದ್ದು, ಇದು 2022ರ ಹೋಲಿಕೆಗೆ 80% ಹೆಚ್ಚಾಗಿದೆ.

ಬಳಸಲಾಗುತ್ತಿತ್ತು. ಮಾಲಿನ್ಯ ಕಡಿಮೆಯಾಗಿ, ಭೂಮಿಯ ಆರೋಗ್ಯ ಸುಧಾರಿಸುತ್ತಿತ್ತು. ಮಕ್ಕಳು ಯುದ್ಧದ ಭೀತಿಯಿಲ್ಲದೆ ಬೆಳೆಯುತ್ತಿದ್ದರು.

ಒಟ್ಟಾರೆ ಸಂಪನ್ಮೂಲಗಳು ಸಮರ್ಥವಾಗಿ ಬಳಸಲ್ಪಟ್ಟು, ಸರ್ವರಿಗೂ ಉತ್ತಮ ಜೀವನ ಸಾಧ್ಯವಾಗುತ್ತಿತ್ತು.

ಮಹಿಳೆಯರು ಯುದ್ಧದಲ್ಲಿ ದೌರ್ಜನ್ಯಕ್ಕೆ ಒಳಗಾಗುವ ಅಪಾಯದಿಂದ ಮುಕ್ತರಾಗುತ್ತಿದ್ದರು. ಅವರು ಸುರಕ್ಷಿತವಾಗಿರುತ್ತಿದ್ದಂತೆ, ಸಮಾನತೆಗೆ ಒತ್ತು, ಶಿಕ್ಷಣ, ಉದ್ಯೋಗ ಮತ್ತು ನಾಯಕತ್ವದ ಅವಕಾಶಗಳು ಹೆಚ್ಚುತ್ತಿದ್ದವು.

ಆರ್ಥಿಕ ಸ್ಥಿರತೆಯಿಂದ ಸ್ವಾವಲಂಬನೆ ಮತ್ತು ಕುಟುಂಬ ಕಲ್ಯಾಣಕ್ಕೆ ಬೆಂಬಲ ಸಿಗುತ್ತಿತ್ತು.

ಸಂರಕ್ಷಣೆಯತ್ತ ಹೆಚ್ಚು ಗಮನ ಹರಿಸಬಹುದು. ಇದರಿಂದ ಭೂಮಿ ಮತ್ತು ಜಲ ಸಂಪತ್ತುಗಳು ಉಳಿಯುತ್ತವೆ.

ಶಾಂತಿಯನ್ನು ನೋಡುವ ಮಕ್ಕಳು ದ್ವೇಷ ಮತ್ತು ಹಿಂಸೆ ಇಲ್ಲದ ಮನುಷ್ಯರಾಗಿ ಬೆಳೆಯುತ್ತಾರೆ.

ಯುದ್ಧರಹಿತ ಜಗತ್ತಿನ ಕಲ್ಪನೆಯೇ ಒಂದು ರೋಮಾಂಚನ. ಈ ಕಲ್ಪನೆ ನನಸಾದರೆ ಭೂಮಿಯೇ ಸ್ವರ್ಗ.
